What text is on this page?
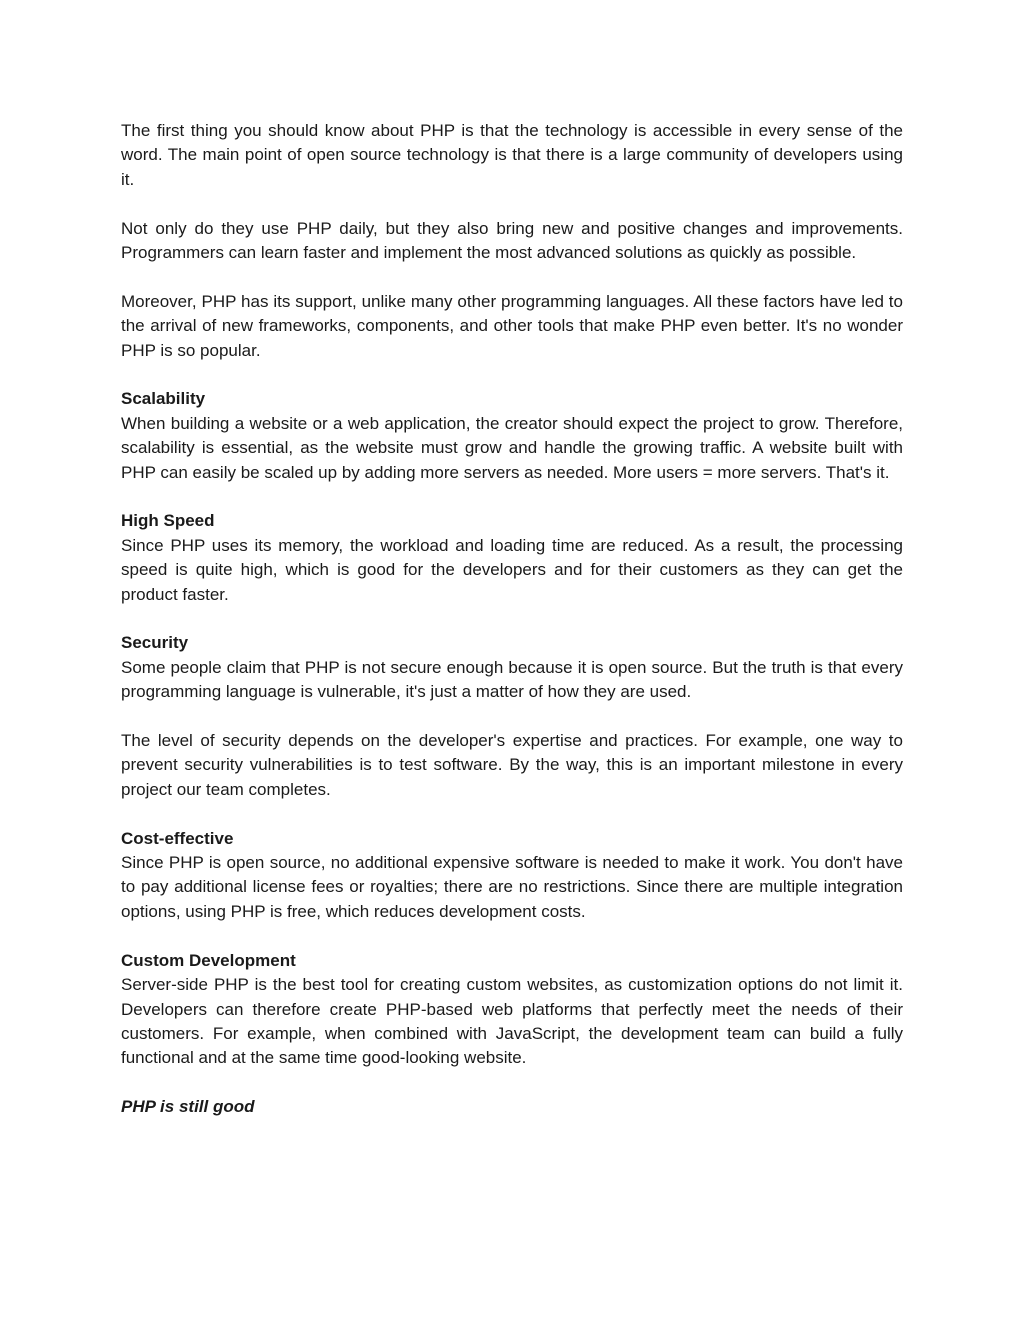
The first thing you should know about PHP is that the technology is accessible in every sense of the word. The main point of open source technology is that there is a large community of developers using it.

Not only do they use PHP daily, but they also bring new and positive changes and improvements. Programmers can learn faster and implement the most advanced solutions as quickly as possible.

Moreover, PHP has its support, unlike many other programming languages. All these factors have led to the arrival of new frameworks, components, and other tools that make PHP even better. It's no wonder PHP is so popular.

Scalability
When building a website or a web application, the creator should expect the project to grow. Therefore, scalability is essential, as the website must grow and handle the growing traffic. A website built with PHP can easily be scaled up by adding more servers as needed. More users = more servers. That's it.
High Speed
Since PHP uses its memory, the workload and loading time are reduced. As a result, the processing speed is quite high, which is good for the developers and for their customers as they can get the product faster.
Security
Some people claim that PHP is not secure enough because it is open source. But the truth is that every programming language is vulnerable, it's just a matter of how they are used.

The level of security depends on the developer's expertise and practices. For example, one way to prevent security vulnerabilities is to test software. By the way, this is an important milestone in every project our team completes.

Cost-effective
Since PHP is open source, no additional expensive software is needed to make it work. You don't have to pay additional license fees or royalties; there are no restrictions. Since there are multiple integration options, using PHP is free, which reduces development costs.
Custom Development
Server-side PHP is the best tool for creating custom websites, as customization options do not limit it. Developers can therefore create PHP-based web platforms that perfectly meet the needs of their customers. For example, when combined with JavaScript, the development team can build a fully functional and at the same time good-looking website.

PHP is still good
